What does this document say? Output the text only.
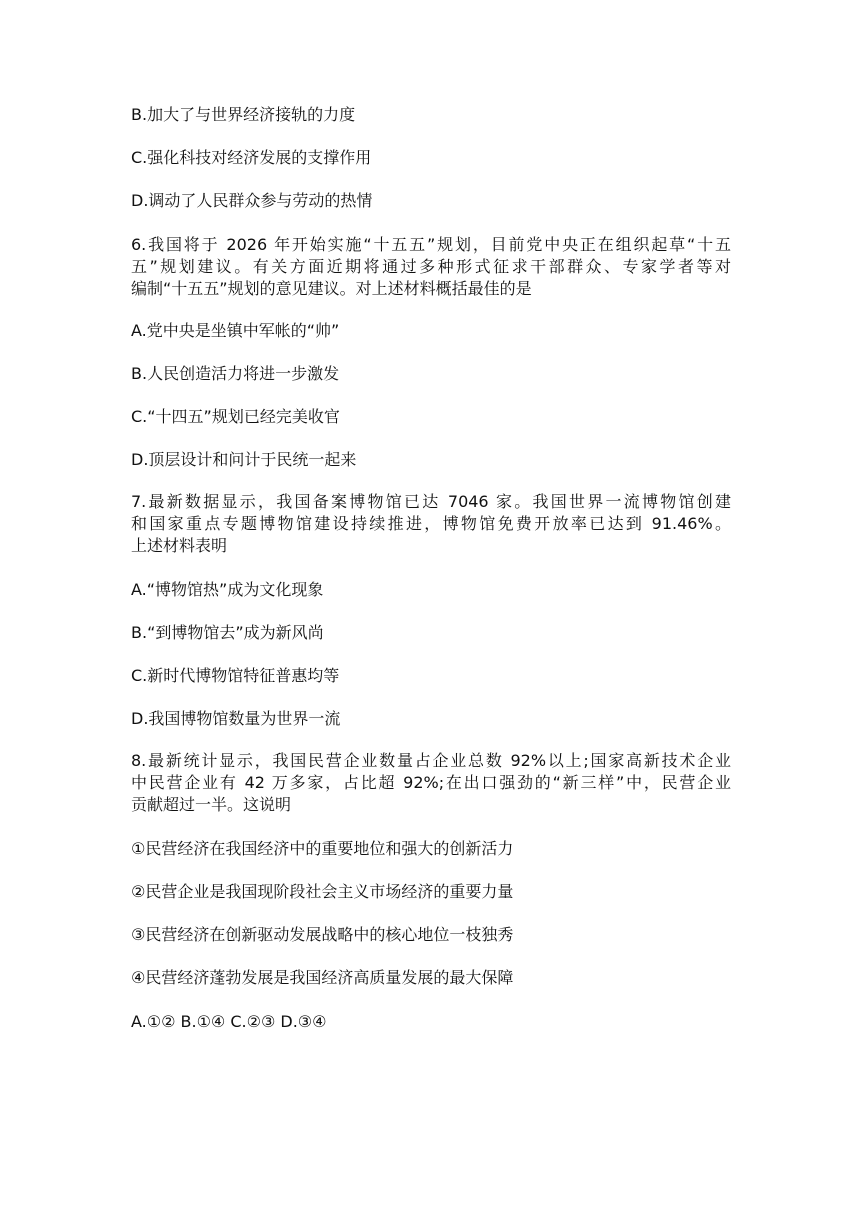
B.加大了与世界经济接轨的力度
C.强化科技对经济发展的支撑作用
D.调动了人民群众参与劳动的热情
6.我国将于 2026 年开始实施“十五五”规划，目前党中央正在组织起草“十五
五”规划建议。有关方面近期将通过多种形式征求干部群众、专家学者等对
编制“十五五”规划的意见建议。对上述材料概括最佳的是
A.党中央是坐镇中军帐的“帅”
B.人民创造活力将进一步激发
C.“十四五”规划已经完美收官
D.顶层设计和问计于民统一起来
7.最新数据显示，我国备案博物馆已达 7046 家。我国世界一流博物馆创建
和国家重点专题博物馆建设持续推进，博物馆免费开放率已达到 91.46%。
上述材料表明
A.“博物馆热”成为文化现象
B.“到博物馆去”成为新风尚
C.新时代博物馆特征普惠均等
D.我国博物馆数量为世界一流
8.最新统计显示，我国民营企业数量占企业总数 92%以上;国家高新技术企业
中民营企业有 42 万多家，占比超 92%;在出口强劲的“新三样”中，民营企业
贡献超过一半。这说明
①民营经济在我国经济中的重要地位和强大的创新活力
②民营企业是我国现阶段社会主义市场经济的重要力量
③民营经济在创新驱动发展战略中的核心地位一枝独秀
④民营经济蓬勃发展是我国经济高质量发展的最大保障
A.①② B.①④ C.②③ D.③④
